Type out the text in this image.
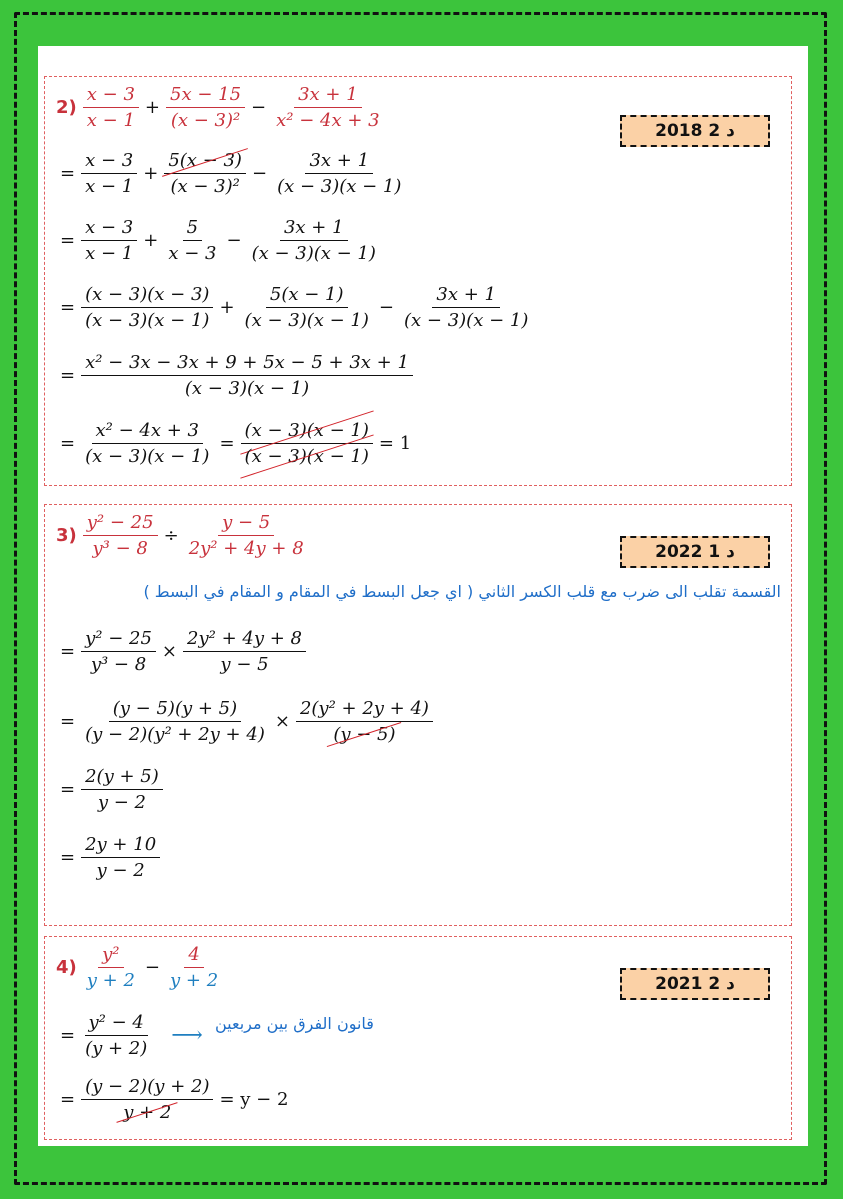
2018 د 2
$2) \frac{x - 3}{x - 1} + \frac{5x - 15}{\text{(x − 3)²}} - \frac{3x + 1}{\text{x² − 4x + 3}}$
= $\frac{x - 3}{x - 1} + \frac{5(x - 3)}{\text{(x − 3)²}} - \frac{3x + 1}{(x - 3)(x - 1)}$
= $\frac{x - 3}{x - 1} + \frac{5}{x - 3} - \frac{3x + 1}{(x - 3)(x - 1)}$
= $\frac{(x - 3)(x - 3)}{(x - 3)(x - 1)} + \frac{5(x - 1)}{(x - 3)(x - 1)} - \frac{3x + 1}{(x - 3)(x - 1)}$
= $\frac{\text{x² − 3x − 3x + 9 + 5x − 5 + 3x + 1}}{(x - 3)(x - 1)}$
= $\frac{\text{x² − 4x + 3}}{(x - 3)(x - 1)} = \frac{(x - 3)(x - 1)}{(x - 3)(x - 1)} = 1$
2022 د 1
$3) \frac{\text{y² − 25}}{\text{y³ − 8}} \div \frac{y - 5}{\text{2y² + 4y + 8}}$
القسمة تقلب الى ضرب مع قلب الكسر الثاني ( اي جعل البسط في المقام و المقام في البسط )
= $\frac{\text{y² − 25}}{\text{y³ − 8}} \times \frac{\text{2y² + 4y + 8}}{y - 5}$
= $\frac{(y - 5)(y + 5)}{\text{(y − 2)(y² + 2y + 4)}} \times \frac{\text{2(y² + 2y + 4)}}{(y - 5)}$
= $\frac{2(y + 5)}{y - 2}$
= $\frac{2y + 10}{y - 2}$
2021 د 2
$4) \frac{\text{y²}}{y + 2} - \frac{4}{y + 2}$
= $\frac{\text{y² − 4}}{(y + 2)}$ ⟶ قانون الفرق بين مربعين
= $\frac{(y - 2)(y + 2)}{y + 2} = y - 2$
